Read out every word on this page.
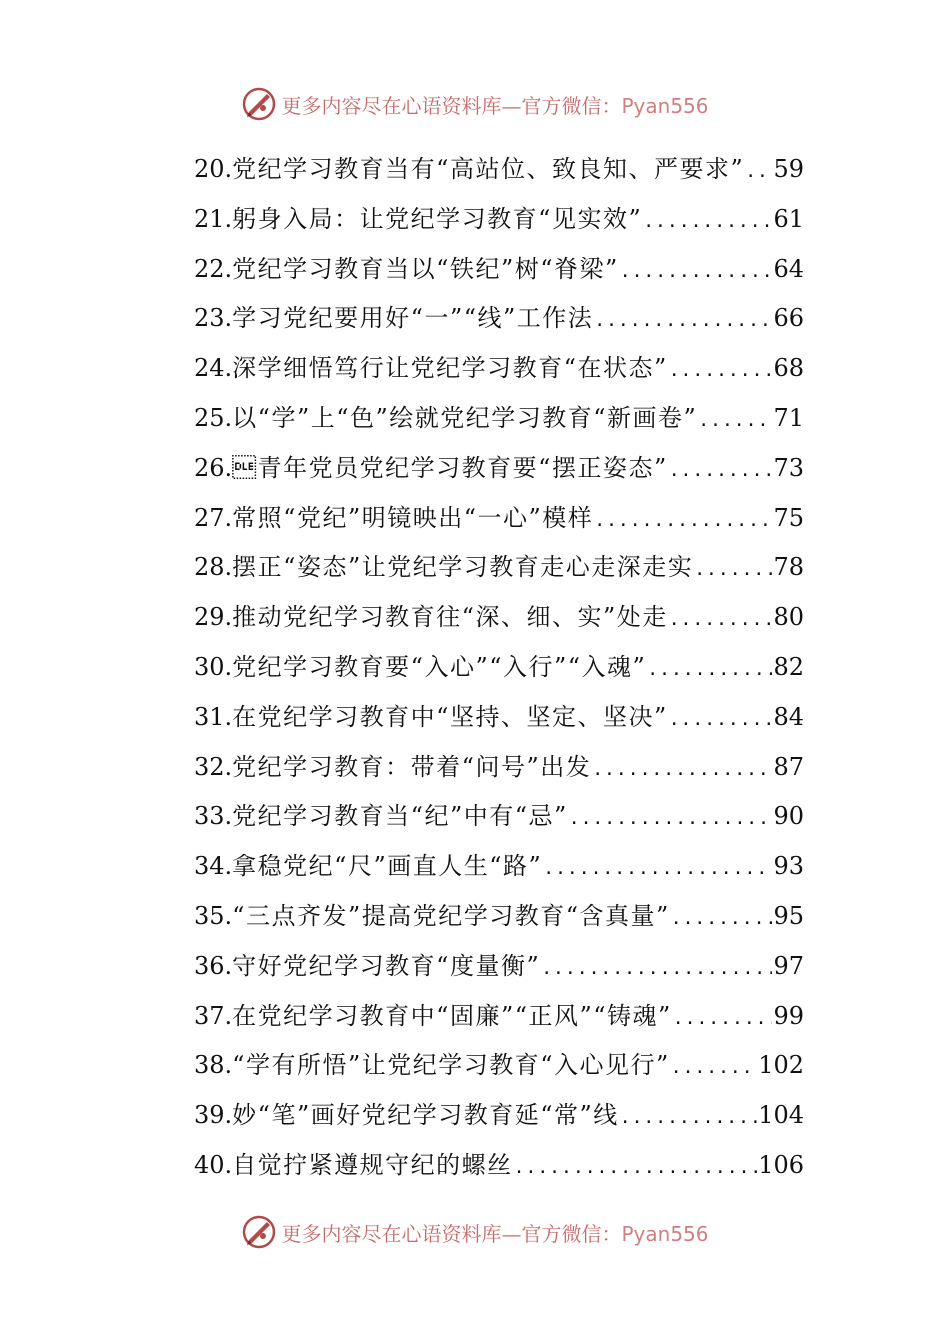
更多内容尽在心语资料库—官方微信：Pyan556
20. 党纪学习教育当有“高站位、致良知、严要求” ..... 59
21. 躬身入局：让党纪学习教育“见实效” .....	61
22. 党纪学习教育当以“铁纪”树“脊梁” .....	64
23. 学习党纪要用好“一”“线”工作法 .....	66
24. 深学细悟笃行让党纪学习教育“在状态” .....	68
25. 以“学”上“色”绘就党纪学习教育“新画卷” .....	71
26. 青年党员党纪学习教育要“摆正姿态” .....	73
27. 常照“党纪”明镜映出“一心”模样 .....	75
28. 摆正“姿态”让党纪学习教育走心走深走实 .....	78
29. 推动党纪学习教育往“深、细、实”处走 .....	80
30. 党纪学习教育要“入心”“入行”“入魂” .....	82
31. 在党纪学习教育中“坚持、坚定、坚决” .....	84
32. 党纪学习教育：带着“问号”出发 .....	87
33. 党纪学习教育当“纪”中有“忌” .....	90
34. 拿稳党纪“尺”画直人生“路” .....	93
35. “三点齐发”提高党纪学习教育“含真量” .....	95
36. 守好党纪学习教育“度量衡” .....	97
37. 在党纪学习教育中“固廉”“正风”“铸魂” .....	99
38. “学有所悟”让党纪学习教育“入心见行” .....	102
39. 妙“笔”画好党纪学习教育延“常”线 .....	104
40. 自觉拧紧遵规守纪的螺丝 .....	106
更多内容尽在心语资料库—官方微信：Pyan556
